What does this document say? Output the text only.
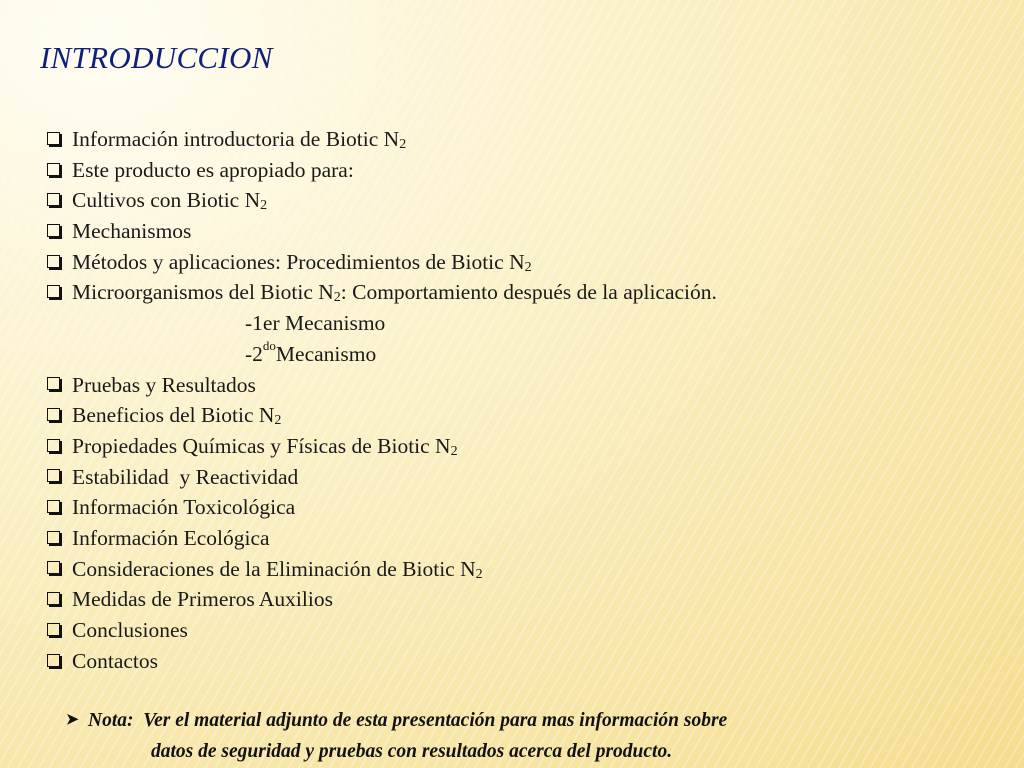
INTRODUCCION
Información introductoria de Biotic N 2
Este producto es apropiado para:
Cultivos con Biotic N 2
Mechanismos
Métodos y aplicaciones: Procedimientos de Biotic N 2
Microorganismos del Biotic N 2 : Comportamiento después de la aplicación.
-1er Mecanismo
-2 do Mecanismo
Pruebas y Resultados
Beneficios del Biotic N 2
Propiedades Químicas y Físicas de Biotic N 2
Estabilidad  y Reactividad
Información Toxicológica
Información Ecológica
Consideraciones de la Eliminación de Biotic N 2
Medidas de Primeros Auxilios
Conclusiones
Contactos
➤ Nota:  Ver el material adjunto de esta presentación para mas información sobre
datos de seguridad y pruebas con resultados acerca del producto.
